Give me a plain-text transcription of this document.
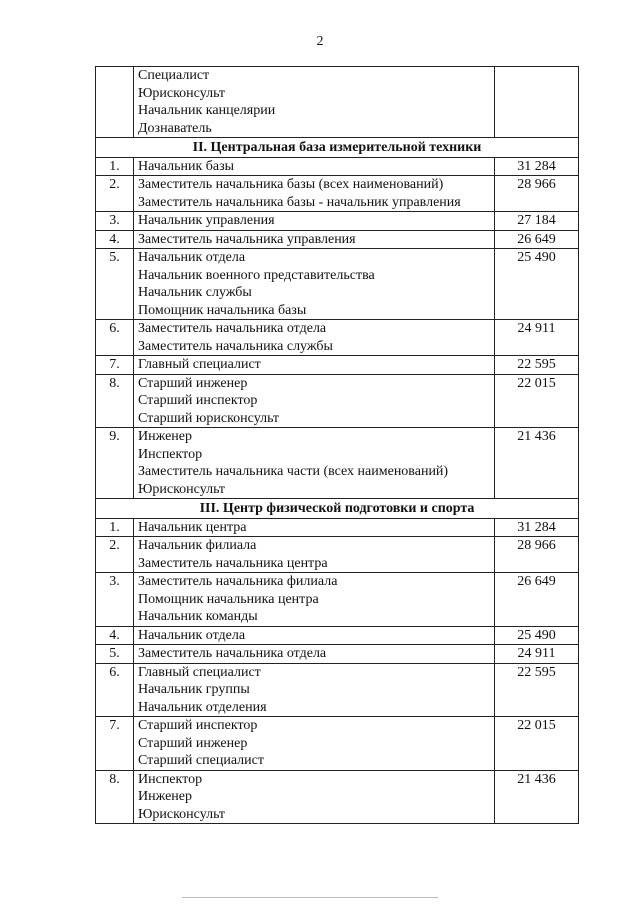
2

	Специалист
Юрисконсульт
Начальник канцелярии
Дознаватель	

II. Центральная база измерительной техники		
1.	Начальник базы	31 284
2.	Заместитель начальника базы (всех наименований)
Заместитель начальника базы - начальник управления	28 966
3.	Начальник управления	27 184
4.	Заместитель начальника управления	26 649
5.	Начальник отдела
Начальник военного представительства
Начальник службы
Помощник начальника базы	25 490
6.	Заместитель начальника отдела
Заместитель начальника службы	24 911
7.	Главный специалист	22 595
8.	Старший инженер
Старший инспектор
Старший юрисконсульт	22 015
9.	Инженер
Инспектор
Заместитель начальника части (всех наименований)
Юрисконсульт	21 436
III. Центр физической подготовки и спорта		
1.	Начальник центра	31 284
2.	Начальник филиала
Заместитель начальника центра	28 966
3.	Заместитель начальника филиала
Помощник начальника центра
Начальник команды	26 649
4.	Начальник отдела	25 490
5.	Заместитель начальника отдела	24 911
6.	Главный специалист
Начальник группы
Начальник отделения	22 595
7.	Старший инспектор
Старший инженер
Старший специалист	22 015
8.	Инспектор
Инженер
Юрисконсульт	21 436
